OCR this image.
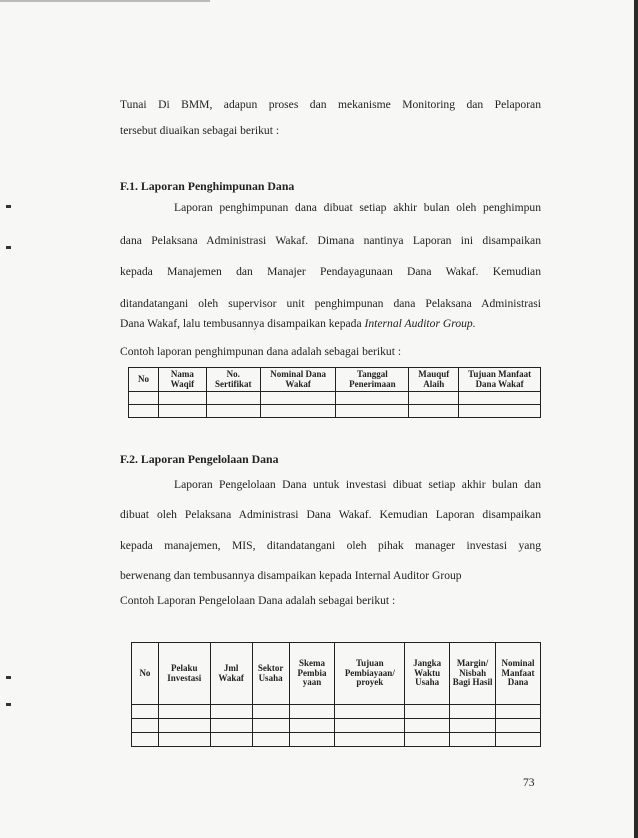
Tunai Di BMM, adapun proses dan mekanisme Monitoring dan Pelaporan
tersebut diuaikan sebagai berikut :
F.1. Laporan Penghimpunan Dana
Laporan penghimpunan dana dibuat setiap akhir bulan oleh penghimpun
dana Pelaksana Administrasi Wakaf. Dimana nantinya Laporan ini disampaikan
kepada Manajemen dan Manajer Pendayagunaan Dana Wakaf. Kemudian
ditandatangani oleh supervisor unit penghimpunan dana Pelaksana Administrasi
Dana Wakaf, lalu tembusannya disampaikan kepada Internal Auditor Group.
Contoh laporan penghimpunan dana adalah sebagai berikut :
No	Nama Waqif	No. Sertifikat	Nominal Dana Wakaf	Tanggal Penerimaan	Mauquf Alaih	Tujuan Manfaat Dana Wakaf

F.2. Laporan Pengelolaan Dana
Laporan Pengelolaan Dana untuk investasi dibuat setiap akhir bulan dan
dibuat oleh Pelaksana Administrasi Dana Wakaf. Kemudian Laporan disampaikan
kepada manajemen, MIS, ditandatangani oleh pihak manager investasi yang
berwenang dan tembusannya disampaikan kepada Internal Auditor Group
Contoh Laporan Pengelolaan Dana adalah sebagai berikut :
No	Pelaku Investasi	Jml Wakaf	Sektor Usaha	Skema Pembia yaan	Tujuan Pembiayaan/ proyek	Jangka Waktu Usaha	Margin/ Nisbah Bagi Hasil	Nominal Manfaat Dana

73
